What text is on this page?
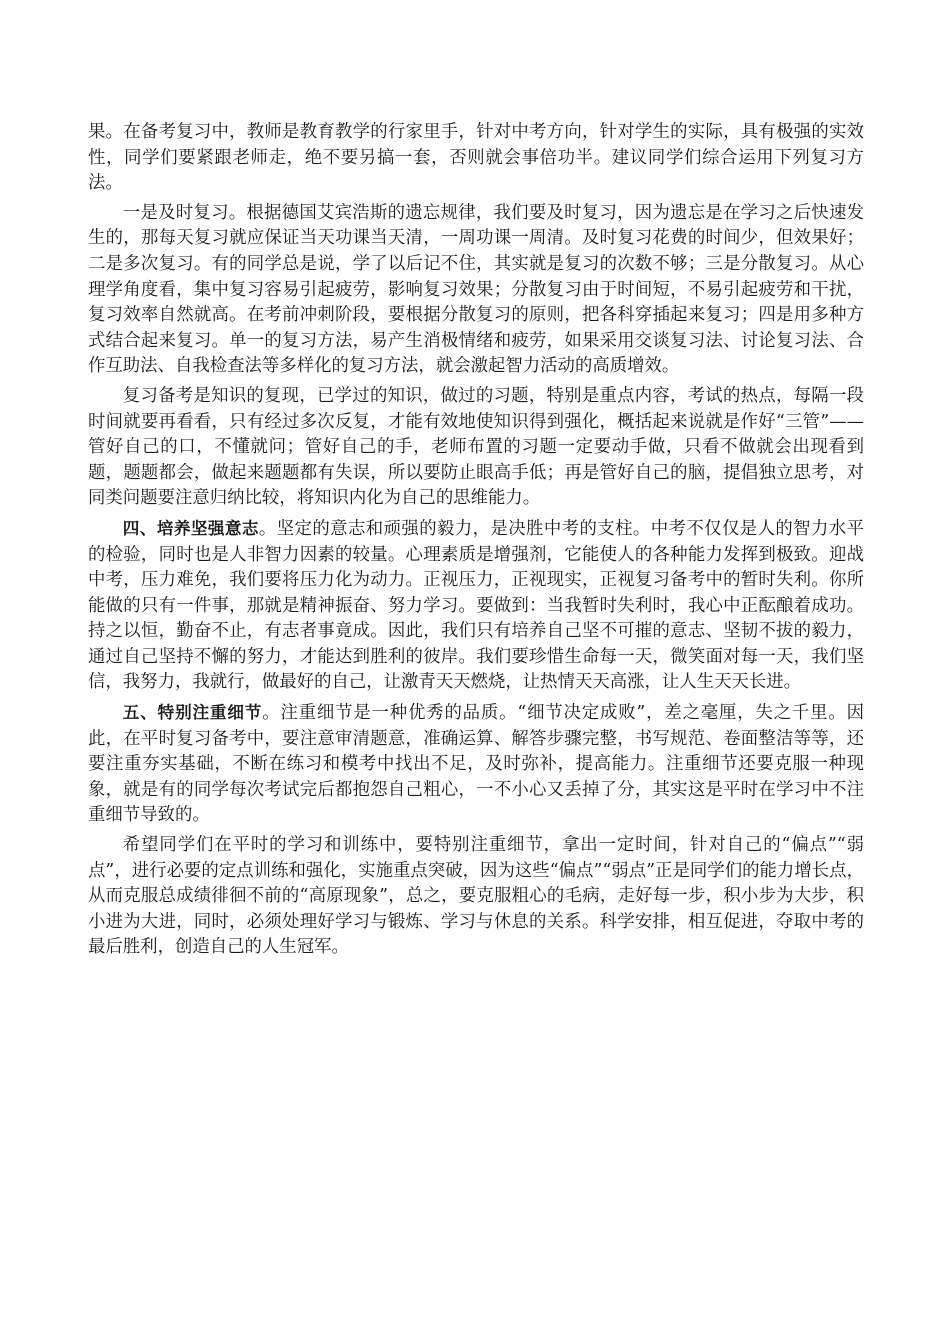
果。在备考复习中，教师是教育教学的行家里手，针对中考方向，针对学生的实际，具有极强的实效性，同学们要紧跟老师走，绝不要另搞一套，否则就会事倍功半。建议同学们综合运用下列复习方法。

一是及时复习。根据德国艾宾浩斯的遗忘规律，我们要及时复习，因为遗忘是在学习之后快速发生的，那每天复习就应保证当天功课当天清，一周功课一周清。及时复习花费的时间少，但效果好；二是多次复习。有的同学总是说，学了以后记不住，其实就是复习的次数不够；三是分散复习。从心理学角度看，集中复习容易引起疲劳，影响复习效果；分散复习由于时间短，不易引起疲劳和干扰，复习效率自然就高。在考前冲刺阶段，要根据分散复习的原则，把各科穿插起来复习；四是用多种方式结合起来复习。单一的复习方法，易产生消极情绪和疲劳，如果采用交谈复习法、讨论复习法、合作互助法、自我检查法等多样化的复习方法，就会激起智力活动的高质增效。

复习备考是知识的复现，已学过的知识，做过的习题，特别是重点内容，考试的热点，每隔一段时间就要再看看，只有经过多次反复，才能有效地使知识得到强化，概括起来说就是作好“三管”——管好自己的口，不懂就问；管好自己的手，老师布置的习题一定要动手做，只看不做就会出现看到题，题题都会，做起来题题都有失误，所以要防止眼高手低；再是管好自己的脑，提倡独立思考，对同类问题要注意归纳比较，将知识内化为自己的思维能力。

四、培养坚强意志。坚定的意志和顽强的毅力，是决胜中考的支柱。中考不仅仅是人的智力水平的检验，同时也是人非智力因素的较量。心理素质是增强剂，它能使人的各种能力发挥到极致。迎战中考，压力难免，我们要将压力化为动力。正视压力，正视现实，正视复习备考中的暂时失利。你所能做的只有一件事，那就是精神振奋、努力学习。要做到：当我暂时失利时，我心中正酝酿着成功。持之以恒，勤奋不止，有志者事竟成。因此，我们只有培养自己坚不可摧的意志、坚韧不拔的毅力，通过自己坚持不懈的努力，才能达到胜利的彼岸。我们要珍惜生命每一天，微笑面对每一天，我们坚信，我努力，我就行，做最好的自己，让激青天天燃烧，让热情天天高涨，让人生天天长进。

五、特别注重细节。注重细节是一种优秀的品质。“细节决定成败”，差之毫厘，失之千里。因此，在平时复习备考中，要注意审清题意，准确运算、解答步骤完整，书写规范、卷面整洁等等，还要注重夯实基础，不断在练习和模考中找出不足，及时弥补，提高能力。注重细节还要克服一种现象，就是有的同学每次考试完后都抱怨自己粗心，一不小心又丢掉了分，其实这是平时在学习中不注重细节导致的。

希望同学们在平时的学习和训练中，要特别注重细节，拿出一定时间，针对自己的“偏点”“弱点”，进行必要的定点训练和强化，实施重点突破，因为这些“偏点”“弱点”正是同学们的能力增长点，从而克服总成绩徘徊不前的“高原现象”，总之，要克服粗心的毛病，走好每一步，积小步为大步，积小进为大进，同时，必须处理好学习与锻炼、学习与休息的关系。科学安排，相互促进，夺取中考的最后胜利，创造自己的人生冠军。
